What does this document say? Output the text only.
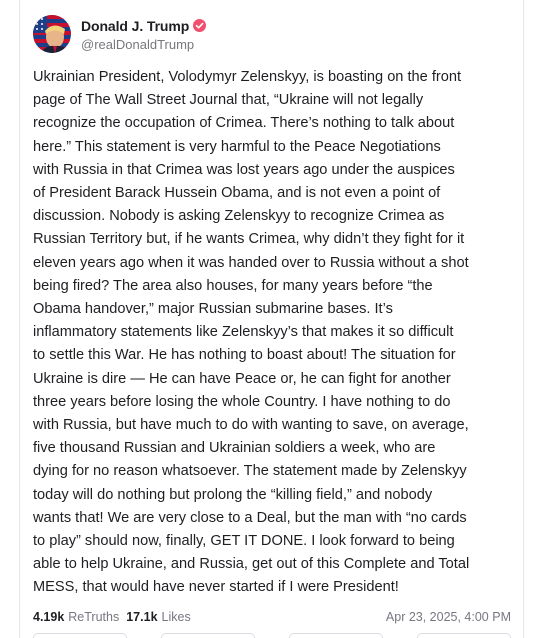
Donald J. Trump
@realDonaldTrump

Ukrainian President, Volodymyr Zelenskyy, is boasting on the front
page of The Wall Street Journal that, “Ukraine will not legally
recognize the occupation of Crimea. There’s nothing to talk about
here.” This statement is very harmful to the Peace Negotiations
with Russia in that Crimea was lost years ago under the auspices
of President Barack Hussein Obama, and is not even a point of
discussion. Nobody is asking Zelenskyy to recognize Crimea as
Russian Territory but, if he wants Crimea, why didn’t they fight for it
eleven years ago when it was handed over to Russia without a shot
being fired? The area also houses, for many years before “the
Obama handover,” major Russian submarine bases. It’s
inflammatory statements like Zelenskyy’s that makes it so difficult
to settle this War. He has nothing to boast about! The situation for
Ukraine is dire — He can have Peace or, he can fight for another
three years before losing the whole Country. I have nothing to do
with Russia, but have much to do with wanting to save, on average,
five thousand Russian and Ukrainian soldiers a week, who are
dying for no reason whatsoever. The statement made by Zelenskyy
today will do nothing but prolong the “killing field,” and nobody
wants that! We are very close to a Deal, but the man with “no cards
to play” should now, finally, GET IT DONE. I look forward to being
able to help Ukraine, and Russia, get out of this Complete and Total
MESS, that would have never started if I were President!

4.19k ReTruths 17.1k Likes	Apr 23, 2025, 4:00 PM
